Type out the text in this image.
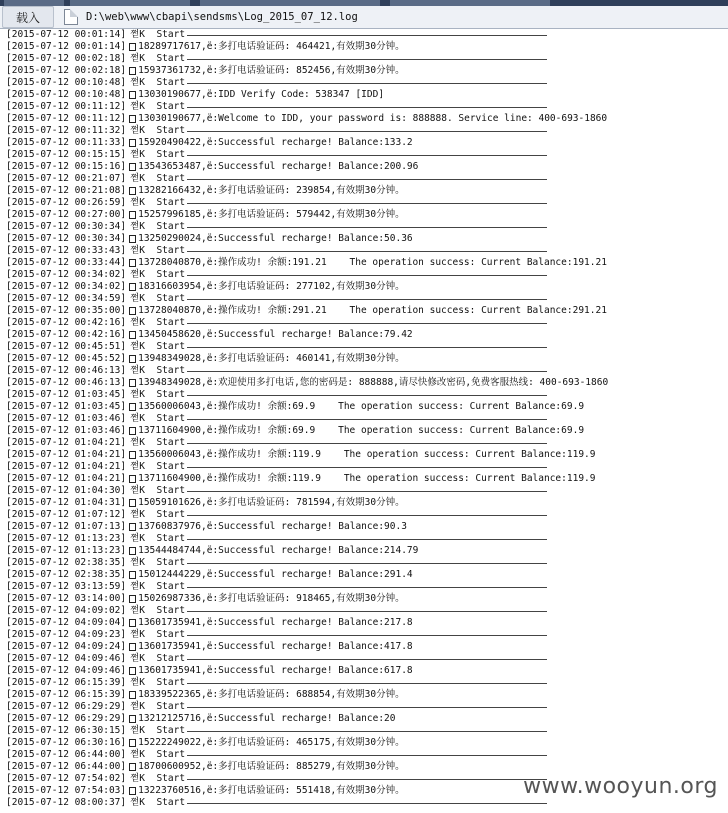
载入	D:\web\www\cbapi\sendsms\Log_2015_07_12.log
[2015-07-12 00:01:14] 쩓 K  Start
[2015-07-12 00:01:14] 18289717617,ë:多打电话验证码: 464421,有效期30分钟。
[2015-07-12 00:02:18] 쩓 K  Start
[2015-07-12 00:02:18] 15937361732,ë:多打电话验证码: 852456,有效期30分钟。
[2015-07-12 00:10:48] 쩓 K  Start
[2015-07-12 00:10:48] 13030190677,ë:IDD Verify Code: 538347 [IDD]
[2015-07-12 00:11:12] 쩓 K  Start
[2015-07-12 00:11:12] 13030190677,ë:Welcome to IDD, your password is: 888888. Service line: 400-693-1860
[2015-07-12 00:11:32] 쩓 K  Start
[2015-07-12 00:11:33] 15920490422,ë:Successful recharge! Balance:133.2
[2015-07-12 00:15:15] 쩓 K  Start
[2015-07-12 00:15:16] 13543653487,ë:Successful recharge! Balance:200.96
[2015-07-12 00:21:07] 쩓 K  Start
[2015-07-12 00:21:08] 13282166432,ë:多打电话验证码: 239854,有效期30分钟。
[2015-07-12 00:26:59] 쩓 K  Start
[2015-07-12 00:27:00] 15257996185,ë:多打电话验证码: 579442,有效期30分钟。
[2015-07-12 00:30:34] 쩓 K  Start
[2015-07-12 00:30:34] 13250290024,ë:Successful recharge! Balance:50.36
[2015-07-12 00:33:43] 쩓 K  Start
[2015-07-12 00:33:44] 13728040870,ë:操作成功! 余额:191.21    The operation success: Current Balance:191.21
[2015-07-12 00:34:02] 쩓 K  Start
[2015-07-12 00:34:02] 18316603954,ë:多打电话验证码: 277102,有效期30分钟。
[2015-07-12 00:34:59] 쩓 K  Start
[2015-07-12 00:35:00] 13728040870,ë:操作成功! 余额:291.21    The operation success: Current Balance:291.21
[2015-07-12 00:42:16] 쩓 K  Start
[2015-07-12 00:42:16] 13450458620,ë:Successful recharge! Balance:79.42
[2015-07-12 00:45:51] 쩓 K  Start
[2015-07-12 00:45:52] 13948349028,ë:多打电话验证码: 460141,有效期30分钟。
[2015-07-12 00:46:13] 쩓 K  Start
[2015-07-12 00:46:13] 13948349028,ë:欢迎使用多打电话,您的密码是: 888888,请尽快修改密码,免费客服热线: 400-693-1860
[2015-07-12 01:03:45] 쩓 K  Start
[2015-07-12 01:03:45] 13560006043,ë:操作成功! 余额:69.9    The operation success: Current Balance:69.9
[2015-07-12 01:03:46] 쩓 K  Start
[2015-07-12 01:03:46] 13711604900,ë:操作成功! 余额:69.9    The operation success: Current Balance:69.9
[2015-07-12 01:04:21] 쩓 K  Start
[2015-07-12 01:04:21] 13560006043,ë:操作成功! 余额:119.9    The operation success: Current Balance:119.9
[2015-07-12 01:04:21] 쩓 K  Start
[2015-07-12 01:04:21] 13711604900,ë:操作成功! 余额:119.9    The operation success: Current Balance:119.9
[2015-07-12 01:04:30] 쩓 K  Start
[2015-07-12 01:04:31] 15059101626,ë:多打电话验证码: 781594,有效期30分钟。
[2015-07-12 01:07:12] 쩓 K  Start
[2015-07-12 01:07:13] 13760837976,ë:Successful recharge! Balance:90.3
[2015-07-12 01:13:23] 쩓 K  Start
[2015-07-12 01:13:23] 13544484744,ë:Successful recharge! Balance:214.79
[2015-07-12 02:38:35] 쩓 K  Start
[2015-07-12 02:38:35] 15012444229,ë:Successful recharge! Balance:291.4
[2015-07-12 03:13:59] 쩓 K  Start
[2015-07-12 03:14:00] 15026987336,ë:多打电话验证码: 918465,有效期30分钟。
[2015-07-12 04:09:02] 쩓 K  Start
[2015-07-12 04:09:04] 13601735941,ë:Successful recharge! Balance:217.8
[2015-07-12 04:09:23] 쩓 K  Start
[2015-07-12 04:09:24] 13601735941,ë:Successful recharge! Balance:417.8
[2015-07-12 04:09:46] 쩓 K  Start
[2015-07-12 04:09:46] 13601735941,ë:Successful recharge! Balance:617.8
[2015-07-12 06:15:39] 쩓 K  Start
[2015-07-12 06:15:39] 18339522365,ë:多打电话验证码: 688854,有效期30分钟。
[2015-07-12 06:29:29] 쩓 K  Start
[2015-07-12 06:29:29] 13212125716,ë:Successful recharge! Balance:20
[2015-07-12 06:30:15] 쩓 K  Start
[2015-07-12 06:30:16] 15222249022,ë:多打电话验证码: 465175,有效期30分钟。
[2015-07-12 06:44:00] 쩓 K  Start
[2015-07-12 06:44:00] 18700600952,ë:多打电话验证码: 885279,有效期30分钟。
[2015-07-12 07:54:02] 쩓 K  Start
[2015-07-12 07:54:03] 13223760516,ë:多打电话验证码: 551418,有效期30分钟。
[2015-07-12 08:00:37] 쩓 K  Start
www.wooyun.org
